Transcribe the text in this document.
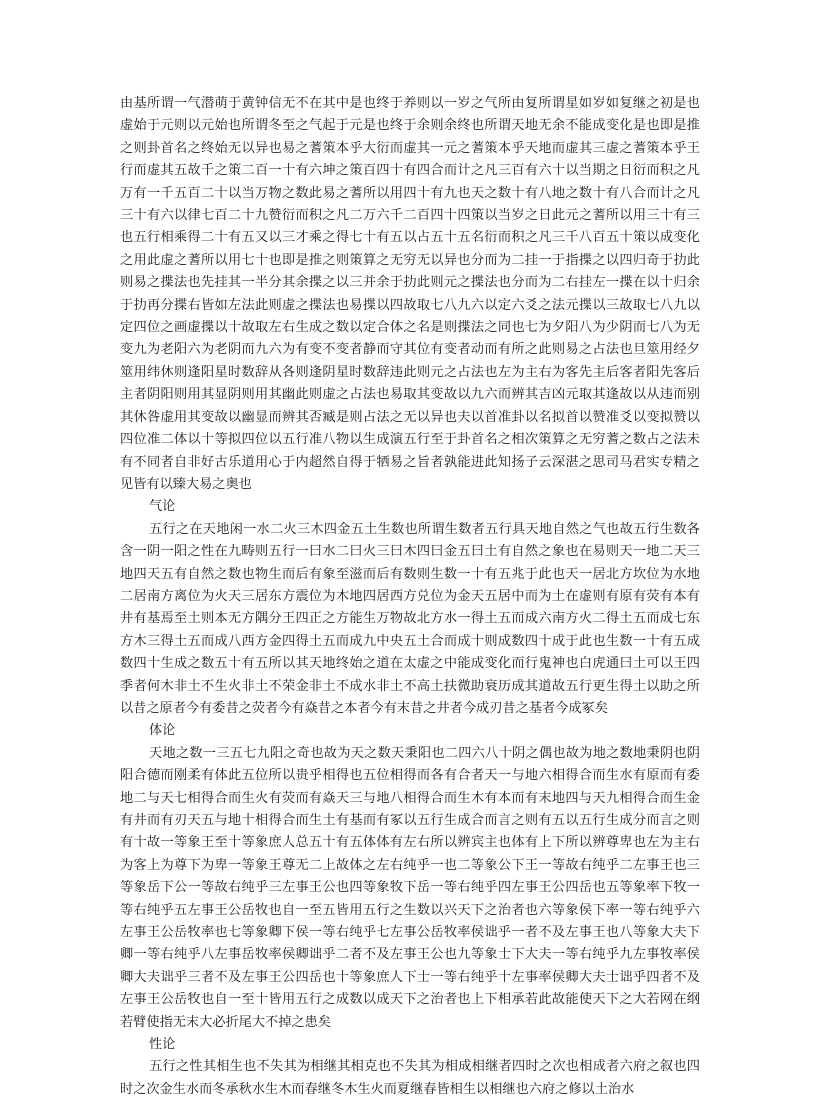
由基所谓一气潜萌于黄钟信无不在其中是也终于养则以一岁之气所由复所谓星如岁如复继之初是也虚始于元则以元始也所谓冬至之气起于元是也终于余则余终也所谓天地无余不能成变化是也即是推之则卦首名之终始无以异也易之蓍策本乎大衍而虚其一元之蓍策本乎天地而虚其三虚之蓍策本乎王行而虚其五故千之策二百一十有六坤之策百四十有四合而计之凡三百有六十以当期之日衍而积之凡万有一千五百二十以当万物之数此易之蓍所以用四十有九也天之数十有八地之数十有八合而计之凡三十有六以律七百二十九赞衍而积之凡二万六千二百四十四策以当岁之日此元之蓍所以用三十有三也五行相乘得二十有五又以三才乘之得七十有五以占五十五名衍而积之凡三千八百五十策以成变化之用此虚之蓍所以用七十也即是推之则策算之无穷无以异也分而为二挂一于指揲之以四归奇于扐此则易之揲法也先挂其一半分其余揲之以三并余于扐此则元之揲法也分而为二右挂左一揲在以十归余于扐再分揲右皆如左法此则虚之揲法也易揲以四故取七八九六以定六爻之法元揲以三故取七八九以定四位之画虚揲以十故取左右生成之数以定合体之名是则揲法之同也七为夕阳八为少阴而七八为无变九为老阳六为老阴而九六为有变不变者静而守其位有变者动而有所之此则易之占法也旦筮用经夕筮用纬休则逢阳星时数辞从各则逢阴星时数辞违此则元之占法也左为主右为客先主后客者阳先客后主者阴阳则用其显阴则用其幽此则虚之占法也易取其变故以九六而辨其吉凶元取其逢故以从违而别其休咎虚用其变故以幽显而辨其否臧是则占法之无以异也夫以首准卦以名拟首以赞准爻以变拟赞以四位准二体以十等拟四位以五行准八物以生成演五行至于卦首名之相次策算之无穷蓍之数占之法未有不同者自非好古乐道用心于内超然自得于牺易之旨者孰能进此知扬子云深湛之思司马君实专精之见皆有以臻大易之奥也

气论

五行之在天地闲一水二火三木四金五土生数也所谓生数者五行具天地自然之气也故五行生数各含一阴一阳之性在九畴则五行一曰水二曰火三曰木四曰金五曰土有自然之象也在易则天一地二天三地四天五有自然之数也物生而后有象至滋而后有数则生数一十有五兆于此也天一居北方坎位为水地二居南方离位为火天三居东方震位为木地四居西方兑位为金天五居中而为土在虚则有原有荧有本有井有基焉至土则本无方隅分王四正之方能生万物故北方水一得土五而成六南方火二得土五而成七东方木三得土五而成八西方金四得土五而成九中央五土合而成十则成数四十成于此也生数一十有五成数四十生成之数五十有五所以其天地终始之道在太虚之中能成变化而行鬼神也白虎通曰土可以王四季者何木非土不生火非土不荣金非土不成水非土不高土扶微助衰历成其道故五行更生得土以助之所以昔之原者今有委昔之荧者今有焱昔之本者今有末昔之井者今成刃昔之基者今成冢矣

体论

天地之数一三五七九阳之奇也故为天之数天秉阳也二四六八十阴之偶也故为地之数地秉阴也阴阳合德而刚柔有体此五位所以贵乎相得也五位相得而各有合者天一与地六相得合而生水有原而有委地二与天七相得合而生火有荧而有焱天三与地八相得合而生木有本而有末地四与天九相得合而生金有井而有刃天五与地十相得合而生土有基而有冢以五行生成合而言之则有五以五行生成分而言之则有十故一等象王至十等象庶人总五十有五体体有左右所以辨宾主也体有上下所以辨尊卑也左为主右为客上为尊下为卑一等象王尊无二上故体之左右纯乎一也二等象公下王一等故右纯乎二左事王也三等象岳下公一等故右纯乎三左事王公也四等象牧下岳一等右纯乎四左事王公四岳也五等象率下牧一等右纯乎五左事王公岳牧也自一至五皆用五行之生数以兴天下之治者也六等象侯下率一等右纯乎六左事王公岳牧率也七等象卿下侯一等右纯乎七左事公岳牧率侯诎乎一者不及左事王也八等象大夫下卿一等右纯乎八左事岳牧率侯卿诎乎二者不及左事王公也九等象士下大夫一等右纯乎九左事牧率侯卿大夫诎乎三者不及左事王公四岳也十等象庶人下士一等右纯乎十左事率侯卿大夫士诎乎四者不及左事王公岳牧也自一至十皆用五行之成数以成天下之治者也上下相承若此故能使天下之大若网在纲若臂使指无末大必折尾大不掉之患矣

性论

五行之性其相生也不失其为相继其相克也不失其为相成相继者四时之次也相成者六府之叙也四时之次金生水而冬承秋水生木而春继冬木生火而夏继春皆相生以相继也六府之修以土治水
